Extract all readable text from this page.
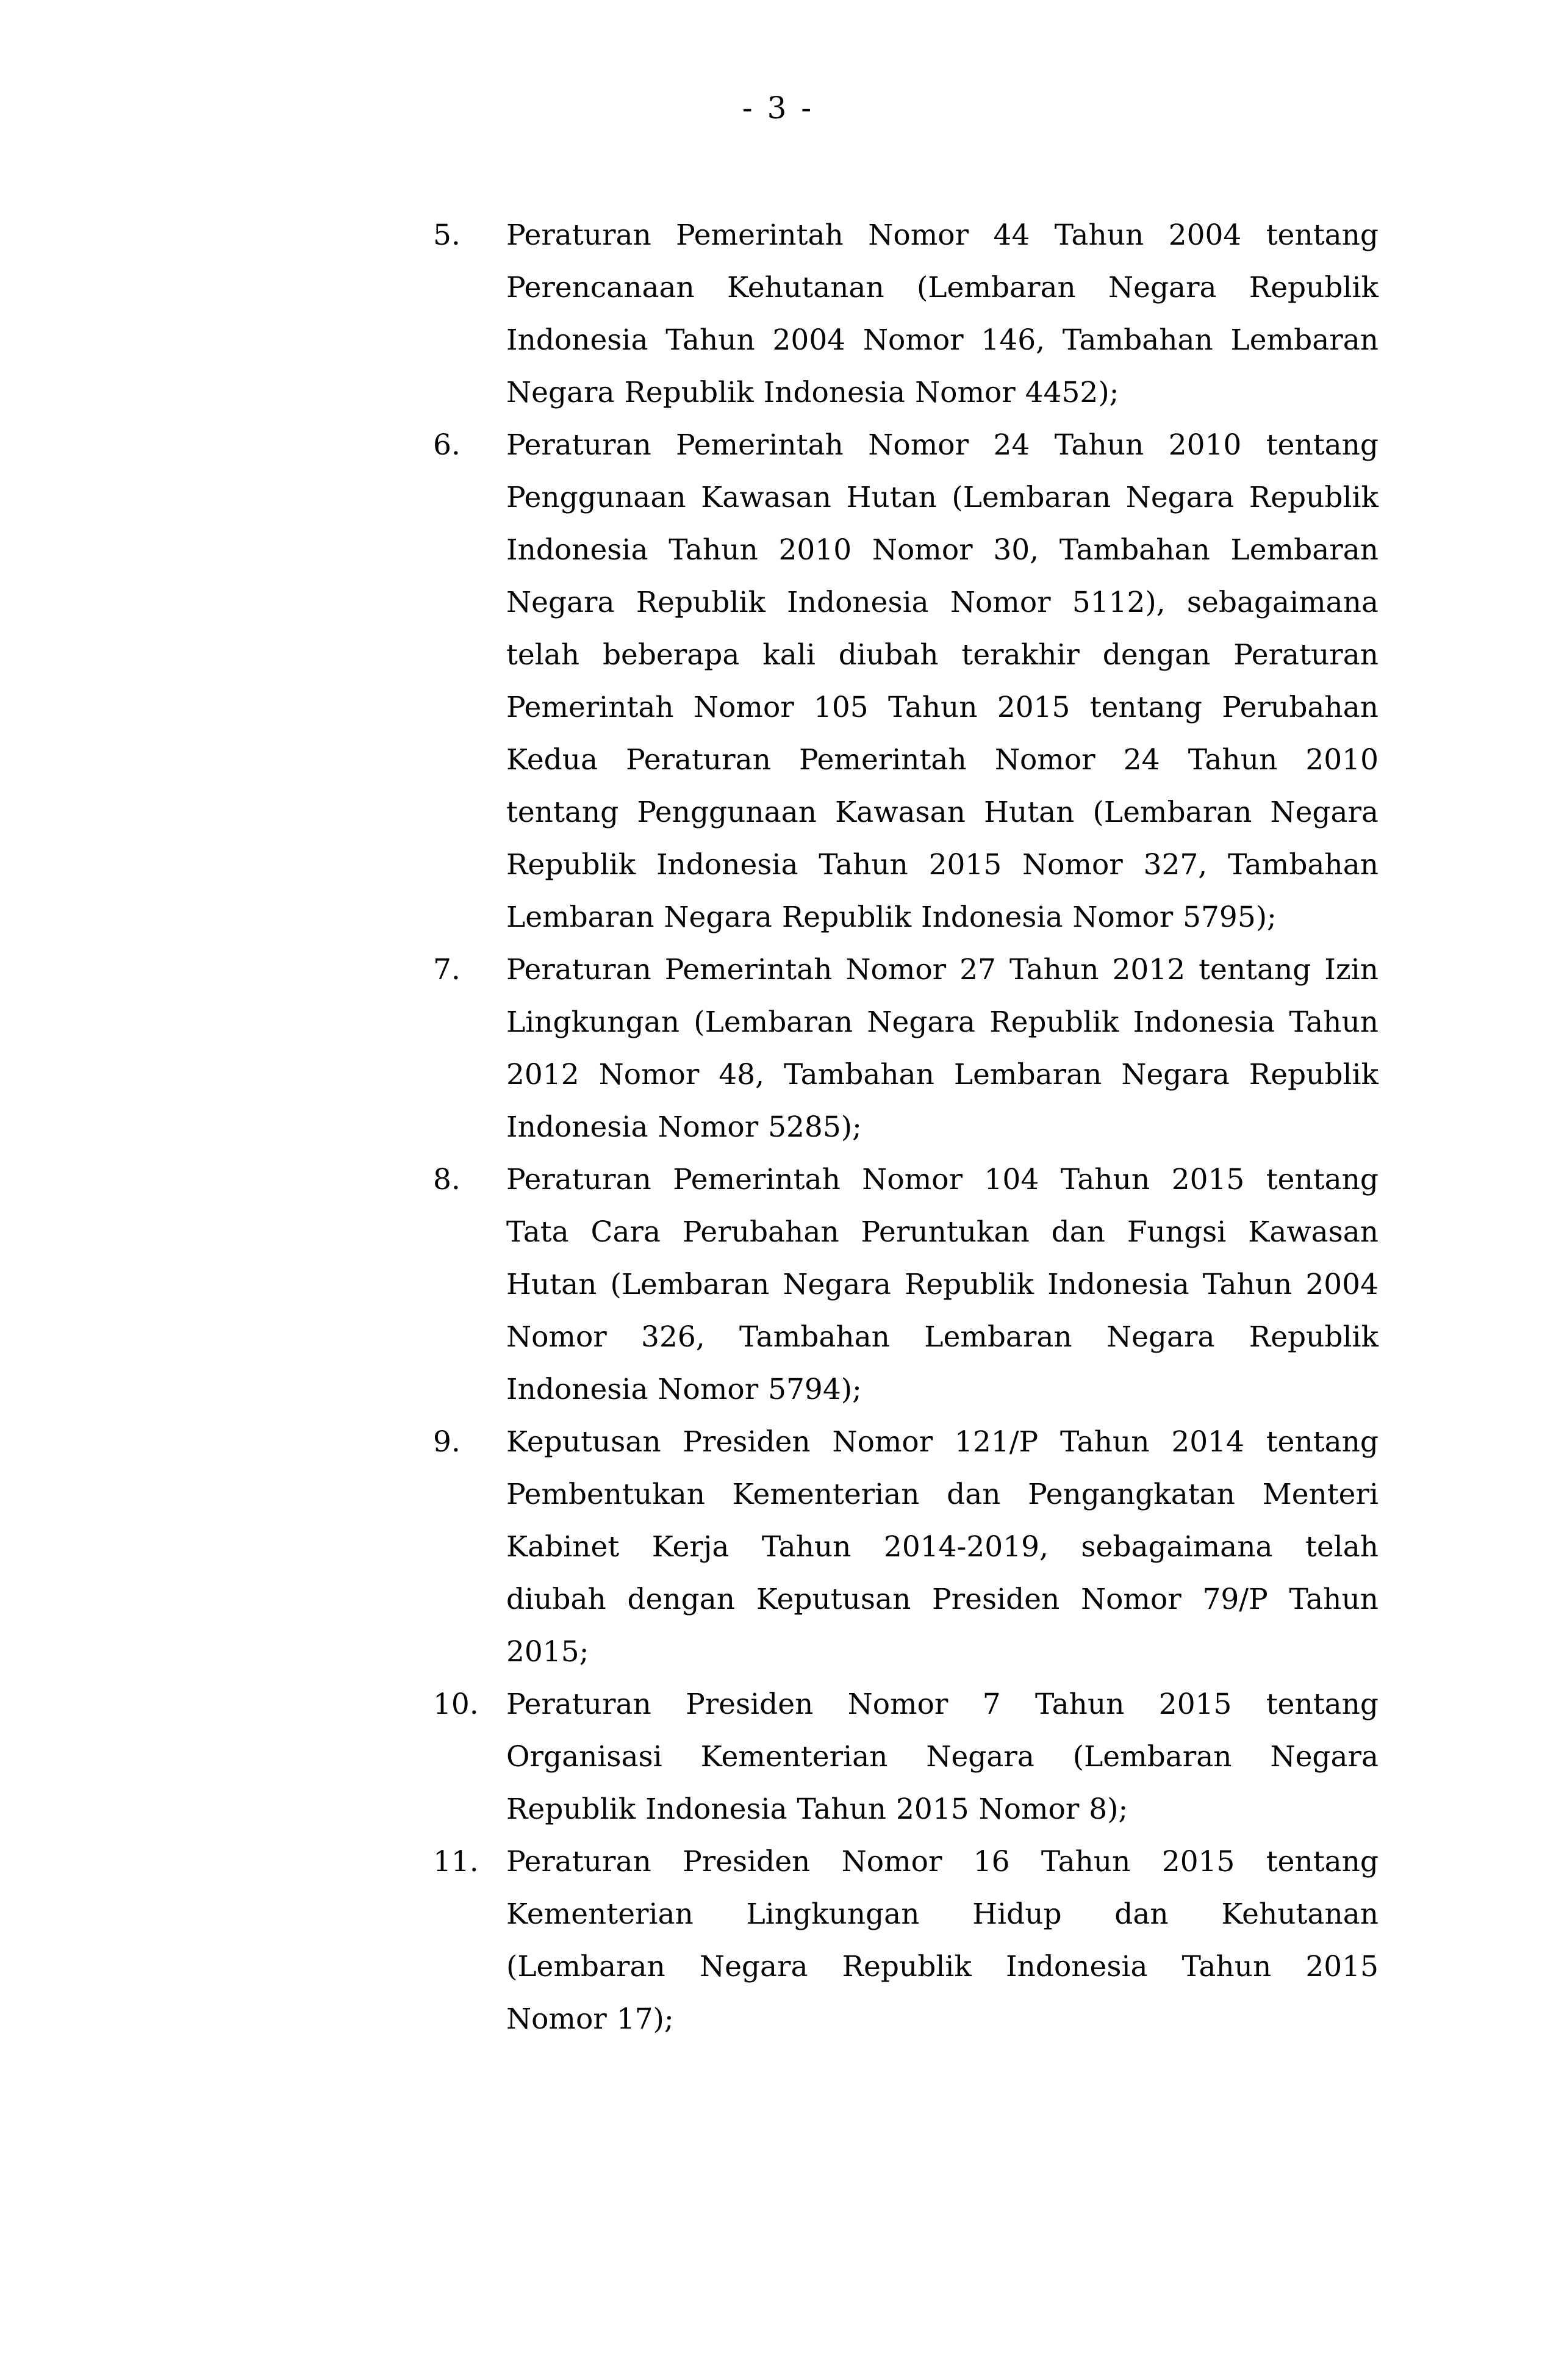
- 3 -
5. Peraturan Pemerintah Nomor 44 Tahun 2004 tentang
Perencanaan Kehutanan (Lembaran Negara Republik
Indonesia Tahun 2004 Nomor 146, Tambahan Lembaran
Negara Republik Indonesia Nomor 4452);
6. Peraturan Pemerintah Nomor 24 Tahun 2010 tentang
Penggunaan Kawasan Hutan (Lembaran Negara Republik
Indonesia Tahun 2010 Nomor 30, Tambahan Lembaran
Negara Republik Indonesia Nomor 5112), sebagaimana
telah beberapa kali diubah terakhir dengan Peraturan
Pemerintah Nomor 105 Tahun 2015 tentang Perubahan
Kedua Peraturan Pemerintah Nomor 24 Tahun 2010
tentang Penggunaan Kawasan Hutan (Lembaran Negara
Republik Indonesia Tahun 2015 Nomor 327, Tambahan
Lembaran Negara Republik Indonesia Nomor 5795);
7. Peraturan Pemerintah Nomor 27 Tahun 2012 tentang Izin
Lingkungan (Lembaran Negara Republik Indonesia Tahun
2012 Nomor 48, Tambahan Lembaran Negara Republik
Indonesia Nomor 5285);
8. Peraturan Pemerintah Nomor 104 Tahun 2015 tentang
Tata Cara Perubahan Peruntukan dan Fungsi Kawasan
Hutan (Lembaran Negara Republik Indonesia Tahun 2004
Nomor 326, Tambahan Lembaran Negara Republik
Indonesia Nomor 5794);
9. Keputusan Presiden Nomor 121/P Tahun 2014 tentang
Pembentukan Kementerian dan Pengangkatan Menteri
Kabinet Kerja Tahun 2014-2019, sebagaimana telah
diubah dengan Keputusan Presiden Nomor 79/P Tahun
2015;
10. Peraturan Presiden Nomor 7 Tahun 2015 tentang
Organisasi Kementerian Negara (Lembaran Negara
Republik Indonesia Tahun 2015 Nomor 8);
11. Peraturan Presiden Nomor 16 Tahun 2015 tentang
Kementerian Lingkungan Hidup dan Kehutanan
(Lembaran Negara Republik Indonesia Tahun 2015
Nomor 17);
